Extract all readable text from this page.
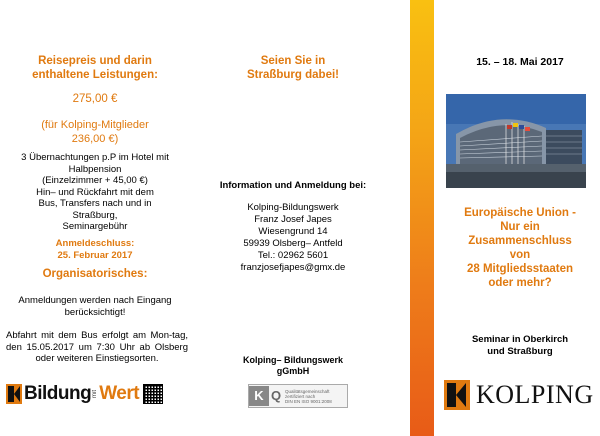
Reisepreis und darin
enthaltene Leistungen:
275,00 €
(für Kolping-Mitglieder
236,00 €)
3 Übernachtungen p.P im Hotel mit
Halbpension
(Einzelzimmer + 45,00 €)
Hin– und Rückfahrt mit dem
Bus, Transfers nach und in
Straßburg,
Seminargebühr
Anmeldeschluss:
25. Februar 2017
Organisatorisches:
Anmeldungen werden nach Eingang
berücksichtigt!
Abfahrt mit dem Bus erfolgt am Mon-tag, den 15.05.2017 um 7:30 Uhr ab Olsberg oder weiteren Einstiegsorten.
Bildung mit Wert
Seien Sie in
Straßburg dabei!
Information und Anmeldung bei:
Kolping-Bildungswerk
Franz Josef Japes
Wiesengrund 14
59939 Olsberg– Antfeld
Tel.: 02962 5601
franzjosefjapes@gmx.de
Kolping– Bildungswerk
gGmbH
K Q Qualitätsgemeinschaft
zertifiziert nach
DIN EN ISO 9001:2008
15. – 18. Mai 2017
Europäische Union -
Nur ein
Zusammenschluss
von
28 Mitgliedsstaaten
oder mehr?
Seminar in Oberkirch
und Straßburg
KOLPING
